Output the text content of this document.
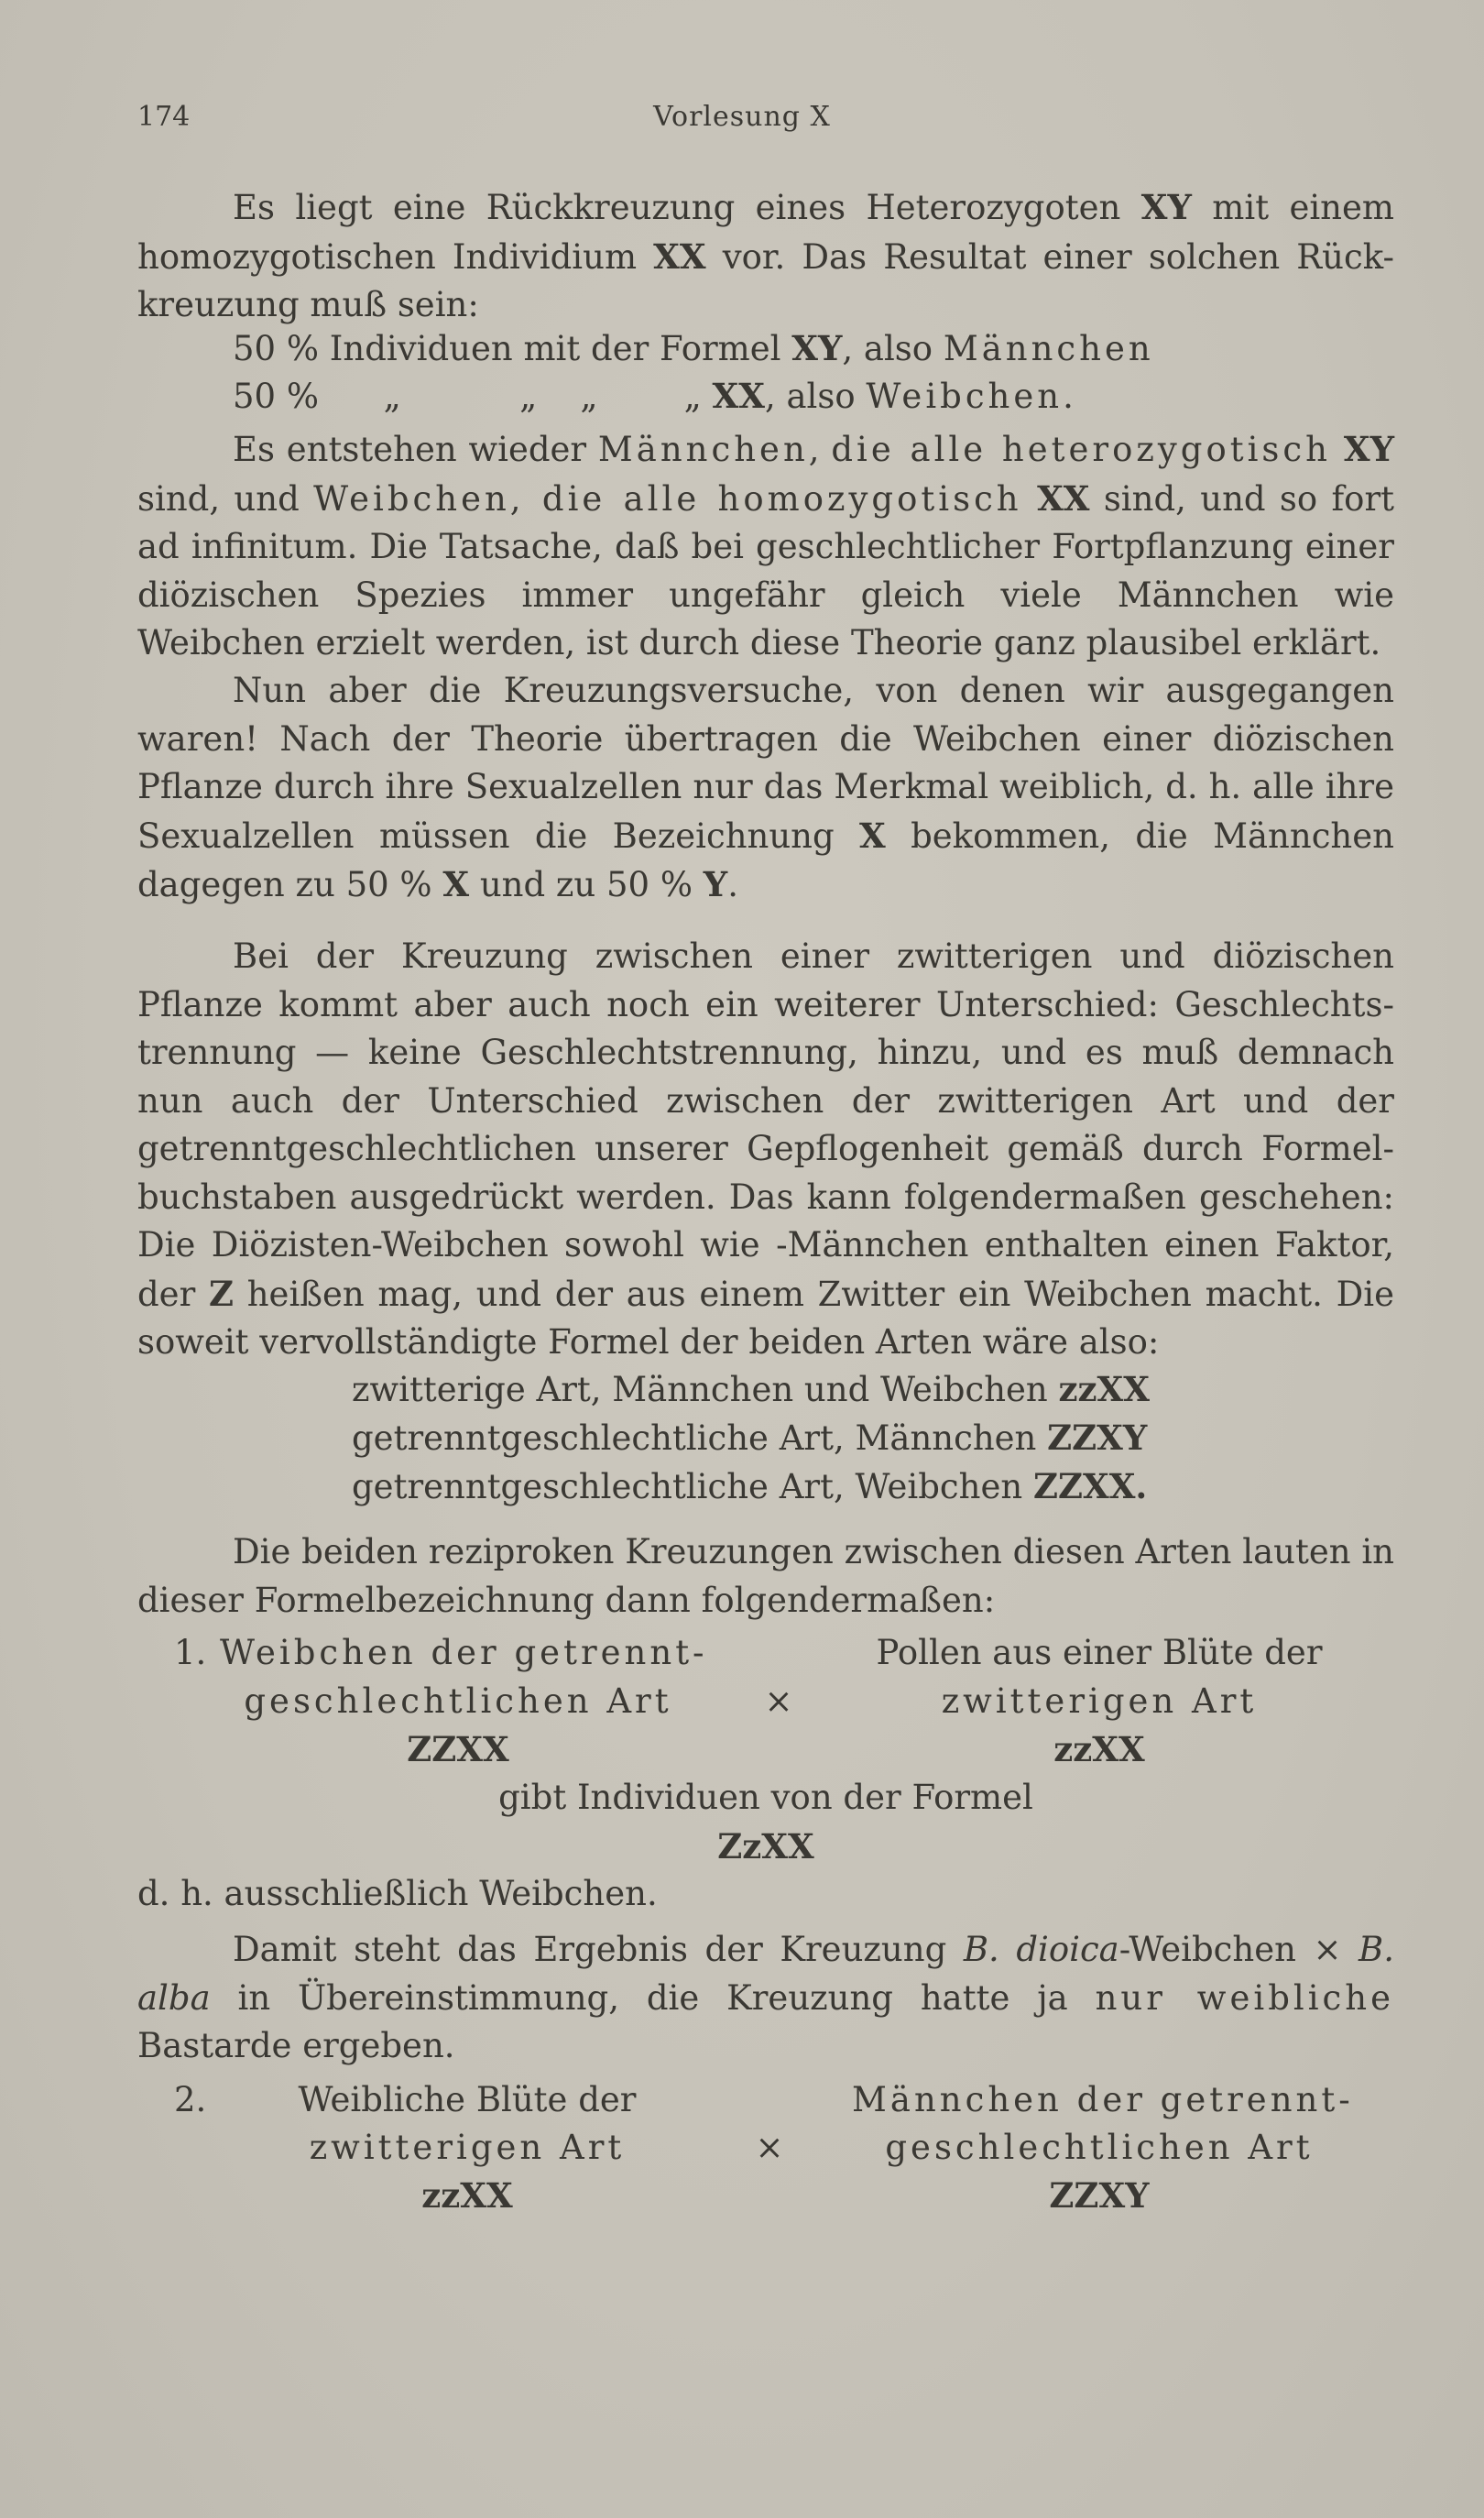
174	Vorlesung X
Es liegt eine Rückkreuzung eines Heterozygoten XY mit einem
homozygotischen Individium XX vor. Das Resultat einer solchen Rück-
kreuzung muß sein:
50 % Individuen mit der Formel XY, also Männchen
50 % „           „    „        „ XX, also Weibchen.

Es entstehen wieder Männchen, die alle heterozygotisch XY sind, und Weibchen, die alle homozygotisch XX sind, und so fort ad infinitum. Die Tatsache, daß bei geschlechtlicher Fortpflanzung einer diözischen Spezies immer ungefähr gleich viele Männchen wie Weibchen erzielt werden, ist durch diese Theorie ganz plausibel erklärt.

Nun aber die Kreuzungsversuche, von denen wir ausgegangen waren! Nach der Theorie übertragen die Weibchen einer diözischen Pflanze durch ihre Sexualzellen nur das Merkmal weiblich, d. h. alle ihre Sexualzellen müssen die Bezeichnung X bekommen, die Männchen dagegen zu 50 % X und zu 50 % Y.

Bei der Kreuzung zwischen einer zwitterigen und diözischen Pflanze kommt aber auch noch ein weiterer Unterschied: Geschlechts-trennung — keine Geschlechtstrennung, hinzu, und es muß demnach nun auch der Unterschied zwischen der zwitterigen Art und der getrenntgeschlechtlichen unserer Gepflogenheit gemäß durch Formel-buchstaben ausgedrückt werden. Das kann folgendermaßen geschehen: Die Diözisten-Weibchen sowohl wie -Männchen enthalten einen Faktor, der Z heißen mag, und der aus einem Zwitter ein Weibchen macht. Die soweit vervollständigte Formel der beiden Arten wäre also:

zwitterige Art, Männchen und Weibchen zzXX
getrenntgeschlechtliche Art, Männchen ZZXY
getrenntgeschlechtliche Art, Weibchen ZZXX.

Die beiden reziproken Kreuzungen zwischen diesen Arten lauten in dieser Formelbezeichnung dann folgendermaßen:

1. Weibchen der getrennt-
geschlechtlichen Art
ZZXX
×
Pollen aus einer Blüte der
zwitterigen Art
zzXX
gibt Individuen von der Formel
ZzXX
d. h. ausschließlich Weibchen.

Damit steht das Ergebnis der Kreuzung B. dioica-Weibchen × B. alba in Übereinstimmung, die Kreuzung hatte ja nur weibliche Bastarde ergeben.

2.	Weibliche Blüte der
zwitterigen Art
zzXX
×
Männchen der getrennt-
geschlechtlichen Art
ZZXY
